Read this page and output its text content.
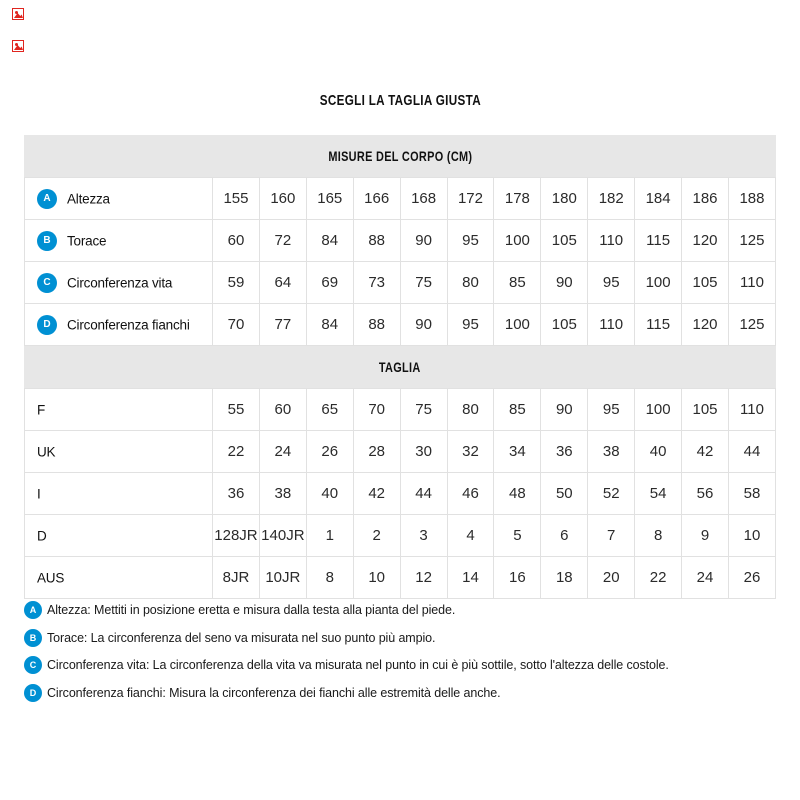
SCEGLI LA TAGLIA GIUSTA
MISURE DEL CORPO (CM)
A Altezza	155	160	165	166	168	172	178	180	182	184	186	188
B Torace	60	72	84	88	90	95	100	105	110	115	120	125
C Circonferenza vita	59	64	69	73	75	80	85	90	95	100	105	110
D Circonferenza fianchi	70	77	84	88	90	95	100	105	110	115	120	125
TAGLIA
F	55	60	65	70	75	80	85	90	95	100	105	110
UK	22	24	26	28	30	32	34	36	38	40	42	44
I	36	38	40	42	44	46	48	50	52	54	56	58
D	128JR	140JR	1	2	3	4	5	6	7	8	9	10
AUS	8JR	10JR	8	10	12	14	16	18	20	22	24	26
A Altezza: Mettiti in posizione eretta e misura dalla testa alla pianta del piede.
B Torace: La circonferenza del seno va misurata nel suo punto più ampio.
C Circonferenza vita: La circonferenza della vita va misurata nel punto in cui è più sottile, sotto l'altezza delle costole.
D Circonferenza fianchi: Misura la circonferenza dei fianchi alle estremità delle anche.
